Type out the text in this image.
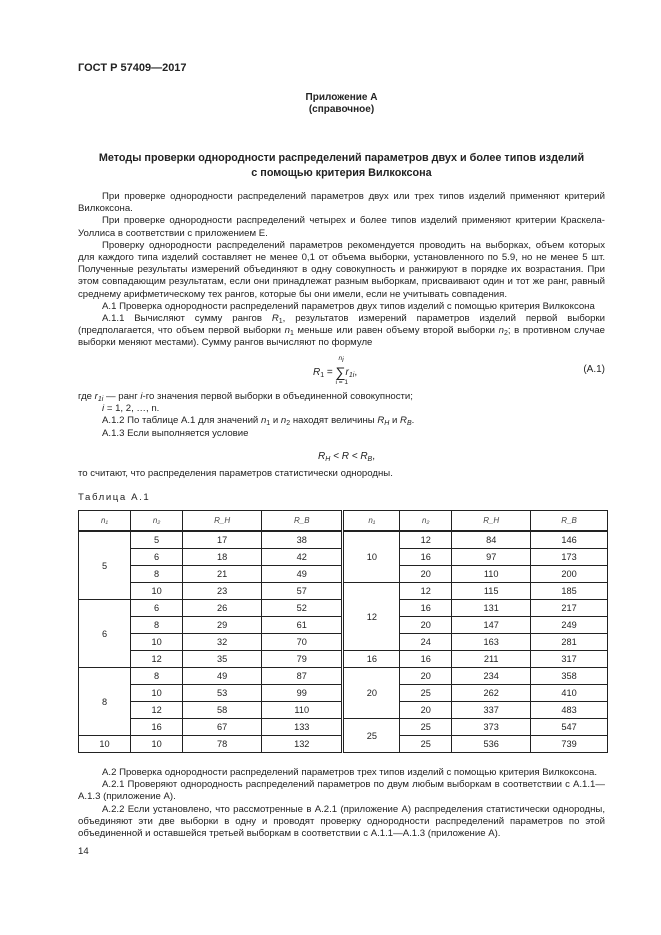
ГОСТ Р 57409—2017
Приложение А
(справочное)
Методы проверки однородности распределений параметров двух и более типов изделий
с помощью критерия Вилкоксона

При проверке однородности распределений параметров двух или трех типов изделий применяют критерий Вилкоксона.

При проверке однородности распределений четырех и более типов изделий применяют критерии Краскела-Уоллиса в соответствии с приложением Е.

Проверку однородности распределений параметров рекомендуется проводить на выборках, объем которых для каждого типа изделий составляет не менее 0,1 от объема выборки, установленного по 5.9, но не менее 5 шт. Полученные результаты измерений объединяют в одну совокупность и ранжируют в порядке их возрастания. При этом совпадающим результатам, если они принадлежат разным выборкам, присваивают один и тот же ранг, равный среднему арифметическому тех рангов, которые бы они имели, если не учитывать совпадения.

А.1 Проверка однородности распределений параметров двух типов изделий с помощью критерия Вилкоксона

А.1.1 Вычисляют сумму рангов $R_1$, результатов измерений параметров изделий первой выборки (предполагается, что объем первой выборки $n_1$ меньше или равен объему второй выборки $n_2$; в противном случае выборки меняют местами). Сумму рангов вычисляют по формуле

$R_1$ = ∑
$n_i$
i = 1
$r_{1i}$,	(А.1)

где $r_{1i}$ — ранг i-го значения первой выборки в объединенной совокупности;

i = 1, 2, …, n.

А.1.2 По таблице А.1 для значений $n_1$ и $n_2$ находят величины $R_Н$ и $R_В$.

А.1.3 Если выполняется условие

$R_Н < R < R_В$,
то считают, что распределения параметров статистически однородны.
Таблица А.1
n₁	n₂	R_Н	R_В	n₁	n₂	R_Н	R_В
5	5	17	38	10	12	84	146
	6	18	42		16	97	173
	8	21	49		20	110	200
	10	23	57	12	12	115	185
6	6	26	52		16	131	217
	8	29	61		20	147	249
	10	32	70		24	163	281
	12	35	79	16	16	211	317
8	8	49	87	20	20	234	358
	10	53	99		25	262	410
	12	58	110		20	337	483
	16	67	133	25	25	373	547
10	10	78	132		25	536	739

А.2 Проверка однородности распределений параметров трех типов изделий с помощью критерия Вилкоксона.

А.2.1 Проверяют однородность распределений параметров по двум любым выборкам в соответствии с А.1.1—А.1.3 (приложение А).

А.2.2 Если установлено, что рассмотренные в А.2.1 (приложение А) распределения статистически однородны, объединяют эти две выборки в одну и проводят проверку однородности распределений параметров по этой объединенной и оставшейся третьей выборкам в соответствии с А.1.1—А.1.3 (приложение А).

14
